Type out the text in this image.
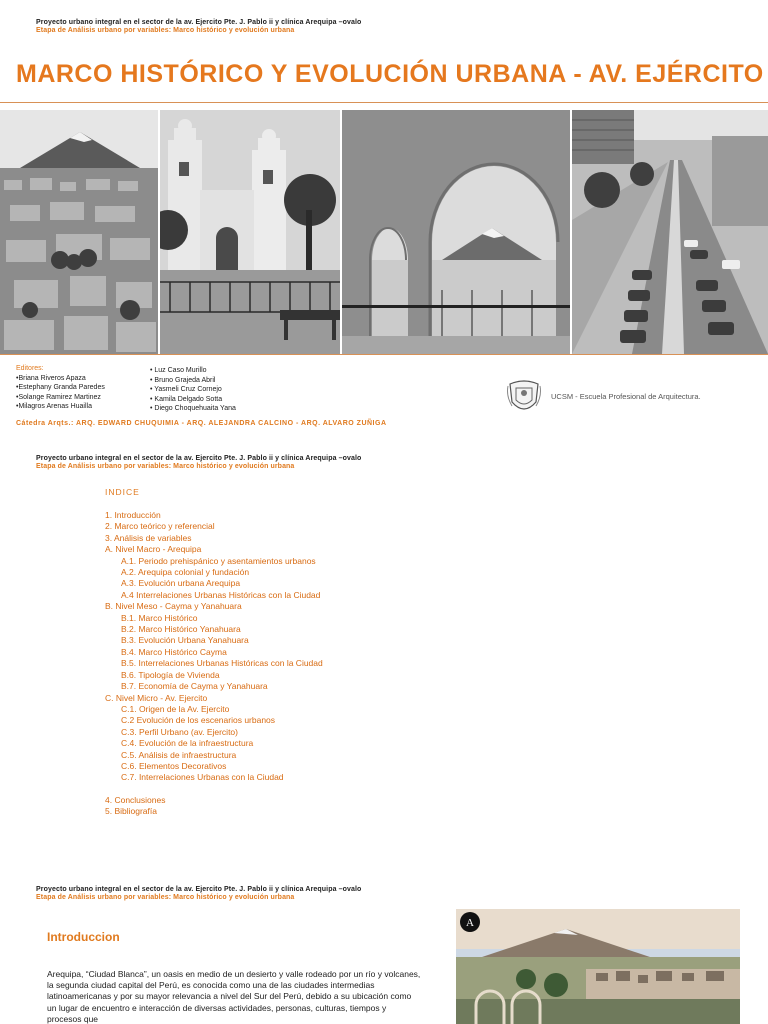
Proyecto urbano integral en el sector de la av. Ejercito Pte. J. Pablo ii y clínica Arequipa –ovalo
Etapa de Análisis urbano por variables: Marco histórico y evolución urbana
MARCO HISTÓRICO Y EVOLUCIÓN URBANA - AV. EJÉRCITO
Editores:
•Briana Riveros Apaza
•Estephany Granda Paredes
•Solange Ramirez Martinez
•Milagros Arenas Huailla
• Luz Caso Murillo
• Bruno Grajeda Abril
• Yasmeli Cruz Cornejo
• Kamila Delgado Sotta
• Diego Choquehuaita Yana
Cátedra Arqts.: ARQ. EDWARD CHUQUIMIA - ARQ. ALEJANDRA CALCINO - ARQ. ALVARO ZUÑIGA
UCSM - Escuela Profesional de Arquitectura.
Proyecto urbano integral en el sector de la av. Ejercito Pte. J. Pablo ii y clínica Arequipa –ovalo
Etapa de Análisis urbano por variables: Marco histórico y evolución urbana
INDICE
1. Introducción
2. Marco teórico y referencial
3. Análisis de variables
A. Nivel Macro - Arequipa
A.1. Periodo prehispánico y asentamientos urbanos
A.2. Arequipa colonial y fundación
A.3. Evolución urbana Arequipa
A.4 Interrelaciones Urbanas Históricas con la Ciudad
B. Nivel Meso - Cayma y Yanahuara
B.1. Marco Histórico
B.2. Marco Histórico Yanahuara
B.3. Evolución Urbana Yanahuara
B.4. Marco Histórico Cayma
B.5. Interrelaciones Urbanas Históricas con la Ciudad
B.6. Tipología de Vivienda
B.7. Economía de Cayma y Yanahuara
C. Nivel Micro - Av. Ejercito
C.1. Origen de la Av. Ejercito
C.2 Evolución de los escenarios urbanos
C.3. Perfil Urbano (av. Ejercito)
C.4. Evolución de la infraestructura
C.5. Análisis de infraestructura
C.6. Elementos Decorativos
C.7. Interrelaciones Urbanas con la Ciudad
4. Conclusiones
5. Bibliografía
Proyecto urbano integral en el sector de la av. Ejercito Pte. J. Pablo ii y clínica Arequipa –ovalo
Etapa de Análisis urbano por variables: Marco histórico y evolución urbana
Introduccion

Arequipa, “Ciudad Blanca”, un oasis en medio de un desierto y valle rodeado por un río y volcanes, la segunda ciudad capital del Perú, es conocida como una de las ciudades intermedias latinoamericanas y por su mayor relevancia a nivel del Sur del Perú, debido a su ubicación como un lugar de encuentro e interacción de diversas actividades, personas, culturas, tiempos y procesos que

A
